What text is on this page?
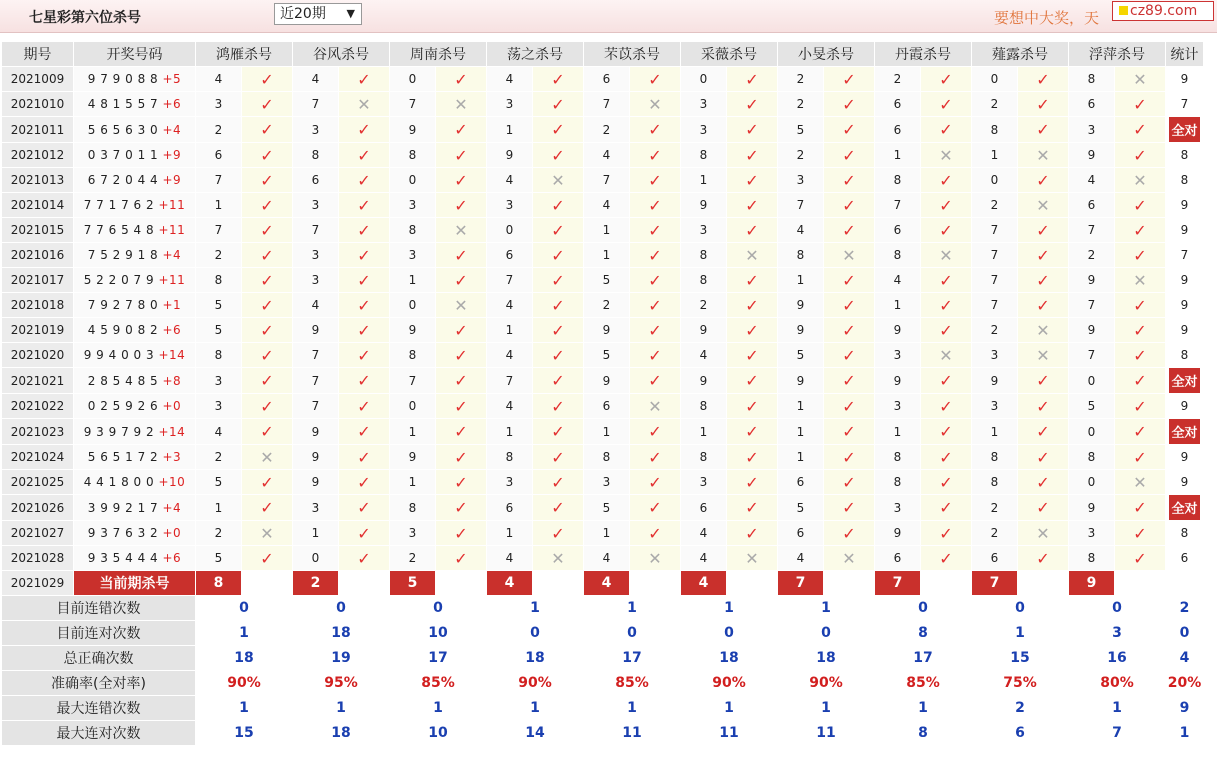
七星彩第六位杀号	近20期 ▼	要想中大奖，天	cz89.com
期号	开奖号码	鸿雁杀号		谷风杀号		周南杀号		荡之杀号		芣苡杀号		采薇杀号		小旻杀号		丹霞杀号		薤露杀号		浮萍杀号		统计
2021009	9 7 9 0 8 8 +5	4	✓	4	✓	0	✓	4	✓	6	✓	0	✓	2	✓	2	✓	0	✓	8	✕	9
2021010	4 8 1 5 5 7 +6	3	✓	7	✕	7	✕	3	✓	7	✕	3	✓	2	✓	6	✓	2	✓	6	✓	7
2021011	5 6 5 6 3 0 +4	2	✓	3	✓	9	✓	1	✓	2	✓	3	✓	5	✓	6	✓	8	✓	3	✓	全对
2021012	0 3 7 0 1 1 +9	6	✓	8	✓	8	✓	9	✓	4	✓	8	✓	2	✓	1	✕	1	✕	9	✓	8
2021013	6 7 2 0 4 4 +9	7	✓	6	✓	0	✓	4	✕	7	✓	1	✓	3	✓	8	✓	0	✓	4	✕	8
2021014	7 7 1 7 6 2 +11	1	✓	3	✓	3	✓	3	✓	4	✓	9	✓	7	✓	7	✓	2	✕	6	✓	9
2021015	7 7 6 5 4 8 +11	7	✓	7	✓	8	✕	0	✓	1	✓	3	✓	4	✓	6	✓	7	✓	7	✓	9
2021016	7 5 2 9 1 8 +4	2	✓	3	✓	3	✓	6	✓	1	✓	8	✕	8	✕	8	✕	7	✓	2	✓	7
2021017	5 2 2 0 7 9 +11	8	✓	3	✓	1	✓	7	✓	5	✓	8	✓	1	✓	4	✓	7	✓	9	✕	9
2021018	7 9 2 7 8 0 +1	5	✓	4	✓	0	✕	4	✓	2	✓	2	✓	9	✓	1	✓	7	✓	7	✓	9
2021019	4 5 9 0 8 2 +6	5	✓	9	✓	9	✓	1	✓	9	✓	9	✓	9	✓	9	✓	2	✕	9	✓	9
2021020	9 9 4 0 0 3 +14	8	✓	7	✓	8	✓	4	✓	5	✓	4	✓	5	✓	3	✕	3	✕	7	✓	8
2021021	2 8 5 4 8 5 +8	3	✓	7	✓	7	✓	7	✓	9	✓	9	✓	9	✓	9	✓	9	✓	0	✓	全对
2021022	0 2 5 9 2 6 +0	3	✓	7	✓	0	✓	4	✓	6	✕	8	✓	1	✓	3	✓	3	✓	5	✓	9
2021023	9 3 9 7 9 2 +14	4	✓	9	✓	1	✓	1	✓	1	✓	1	✓	1	✓	1	✓	1	✓	0	✓	全对
2021024	5 6 5 1 7 2 +3	2	✕	9	✓	9	✓	8	✓	8	✓	8	✓	1	✓	8	✓	8	✓	8	✓	9
2021025	4 4 1 8 0 0 +10	5	✓	9	✓	1	✓	3	✓	3	✓	3	✓	6	✓	8	✓	8	✓	0	✕	9
2021026	3 9 9 2 1 7 +4	1	✓	3	✓	8	✓	6	✓	5	✓	6	✓	5	✓	3	✓	2	✓	9	✓	全对
2021027	9 3 7 6 3 2 +0	2	✕	1	✓	3	✓	1	✓	1	✓	4	✓	6	✓	9	✓	2	✕	3	✓	8
2021028	9 3 5 4 4 4 +6	5	✓	0	✓	2	✓	4	✕	4	✕	4	✕	4	✕	6	✓	6	✓	8	✓	6
2021029	当前期杀号	8		2		5		4		4		4		7		7		7		9		
目前连错次数		0		0		0		1		1		1		1		0		0		0		2
目前连对次数		1		18		10		0		0		0		0		8		1		3		0
总正确次数		18		19		17		18		17		18		18		17		15		16		4
准确率(全对率)		90%		95%		85%		90%		85%		90%		90%		85%		75%		80%		20%
最大连错次数		1		1		1		1		1		1		1		1		2		1		9
最大连对次数		15		18		10		14		11		11		11		8		6		7		1
